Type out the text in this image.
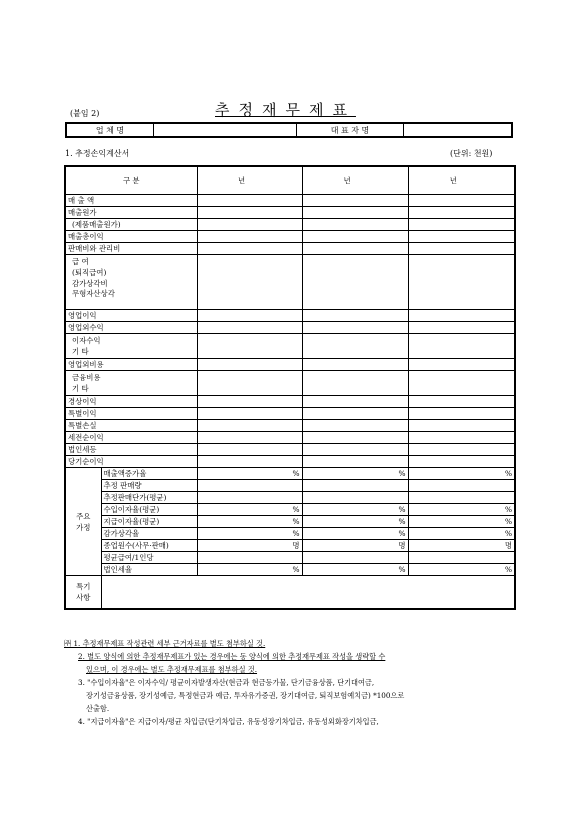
(붙임 2)	추정재무제표
업 체 명		대 표 자 명	
1. 추정손익계산서	(단위: 천원)
구 분		년	년	년
매 출 액				
매출원가				
(제품매출원가)				
매출총이익				
판매비와 관리비				

급 여
(퇴직급여)
감가상각비
무형자산상각				

영업이익				
영업외수익				

이자수익
기 타				

영업외비용				

금융비용
기 타				

경상이익				
특별이익				
특별손실				
세전순이익				
법인세등				
당기순이익				

주요
가정	매출액증가율	%	%	%
	추정 판매량			
	추정판매단가(평균)			
	수입이자율(평균)	%	%	%
	지급이자율(평균)	%	%	%
	감가상각율	%	%	%
	종업원수(사무·판매)	명	명	명
	평균급여/1인당			
	법인세율	%	%	%

특기
사항				

㈜ 1. 추정재무제표 작성관련 세부 근거자료를 별도 첨부하실 것.
2. 별도 양식에 의한 추정재무제표가 있는 경우에는 동 양식에 의한 추정재무제표 작성을 생략할 수
있으며, 이 경우에는 별도 추정재무제표를 첨부하실 것.
3. "수입이자율"은 이자수익/ 평균이자발생자산(현금과 현금등가물, 단기금융상품, 단기대여금,
장기성금융상품, 장기성예금, 특정현금과 예금, 투자유가증권, 장기대여금, 퇴직보험예치금) *100으로
산출함.
4. "지급이자율"은 지급이자/평균 차입금(단기차입금, 유동성장기차입금, 유동성외화장기차입금,
